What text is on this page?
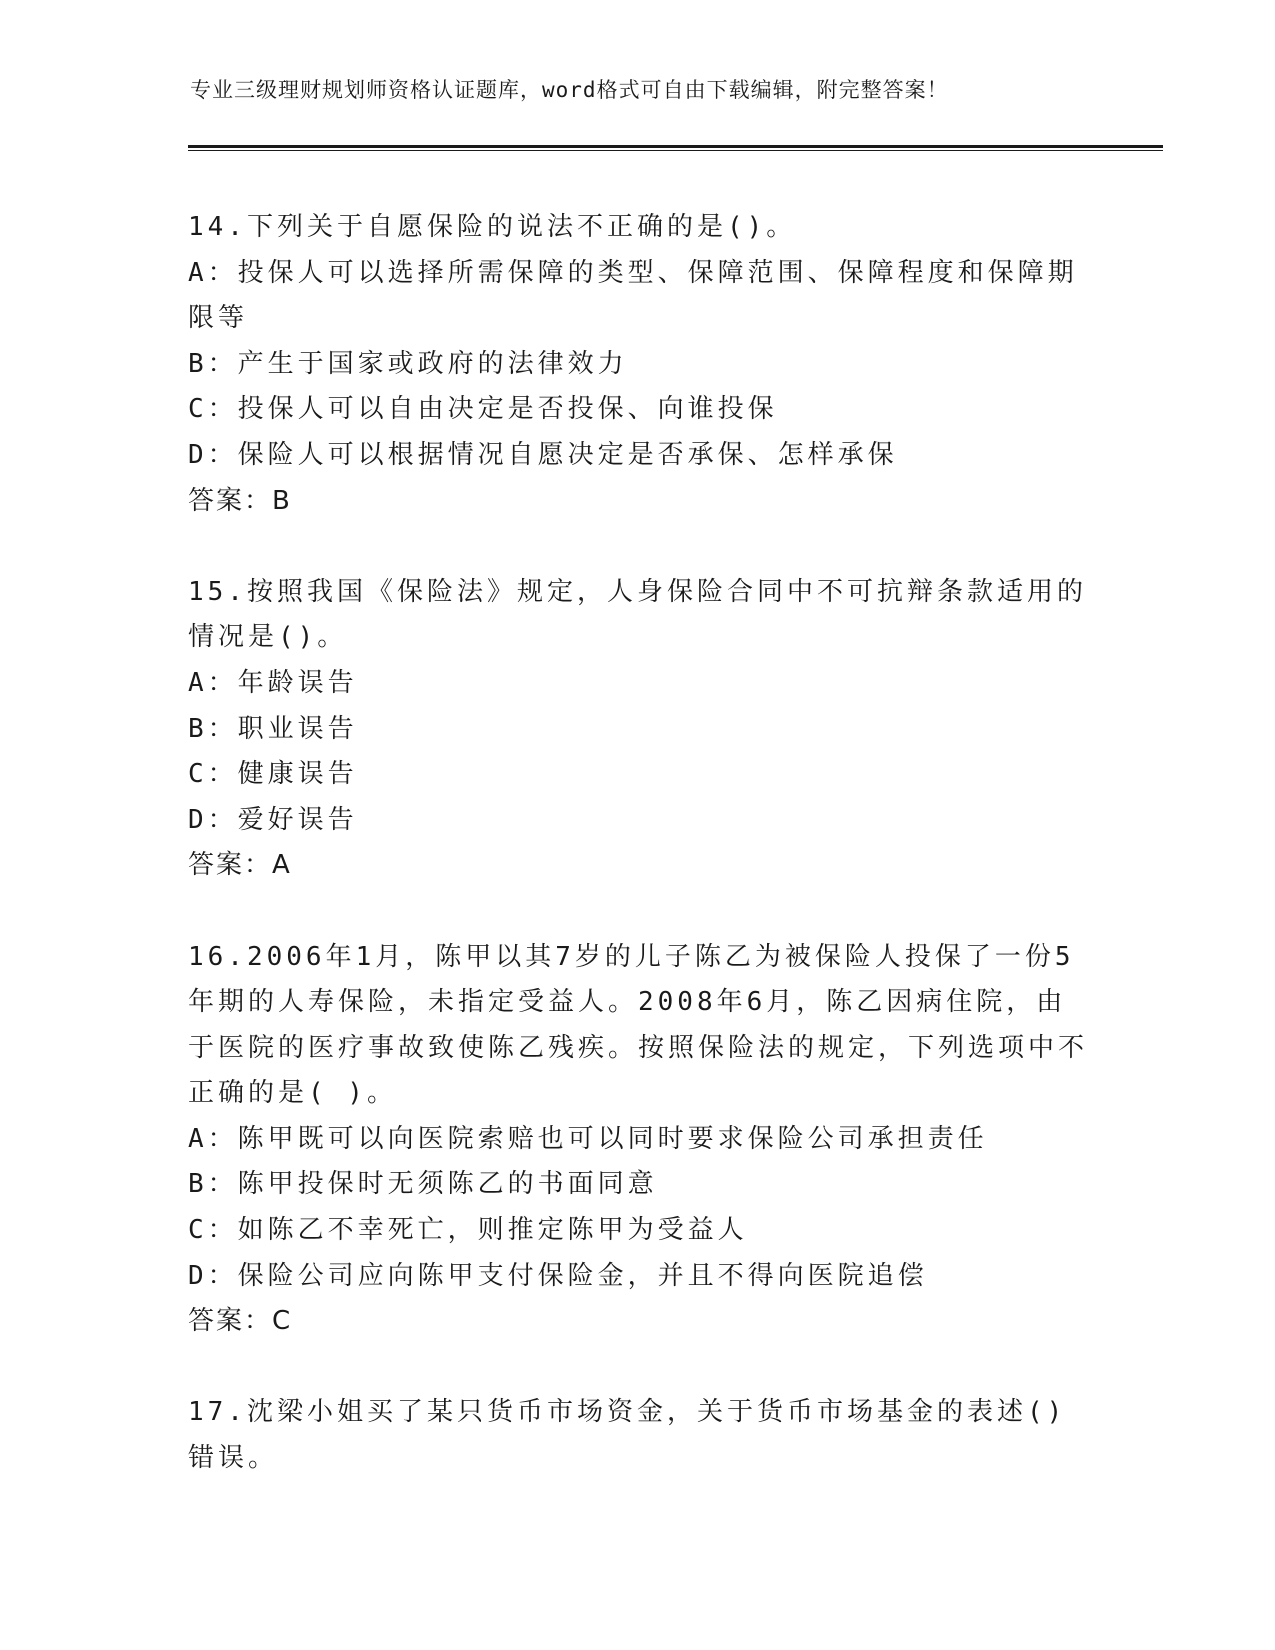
专业三级理财规划师资格认证题库，word格式可自由下载编辑，附完整答案！

14.下列关于自愿保险的说法不正确的是()。

A：投保人可以选择所需保障的类型、保障范围、保障程度和保障期限等

B：产生于国家或政府的法律效力

C：投保人可以自由决定是否投保、向谁投保

D：保险人可以根据情况自愿决定是否承保、怎样承保

答案：B

15.按照我国《保险法》规定，人身保险合同中不可抗辩条款适用的情况是()。

A：年龄误告

B：职业误告

C：健康误告

D：爱好误告

答案：A

16.2006年1月，陈甲以其7岁的儿子陈乙为被保险人投保了一份5年期的人寿保险，未指定受益人。2008年6月，陈乙因病住院，由于医院的医疗事故致使陈乙残疾。按照保险法的规定，下列选项中不正确的是( )。

A：陈甲既可以向医院索赔也可以同时要求保险公司承担责任

B：陈甲投保时无须陈乙的书面同意

C：如陈乙不幸死亡，则推定陈甲为受益人

D：保险公司应向陈甲支付保险金，并且不得向医院追偿

答案：C

17.沈梁小姐买了某只货币市场资金，关于货币市场基金的表述()错误。
